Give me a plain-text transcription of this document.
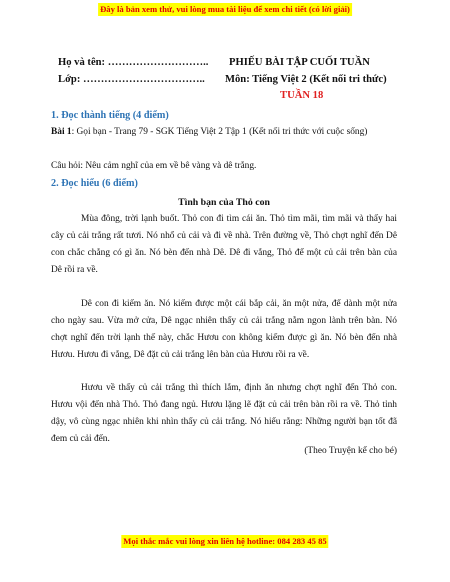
Đây là bản xem thử, vui lòng mua tài liệu để xem chi tiết (có lời giải)
Họ và tên: ……………………….. PHIẾU BÀI TẬP CUỐI TUẦN
Lớp: …………………………….. Môn: Tiếng Việt 2 (Kết nối tri thức)
TUẦN 18
1. Đọc thành tiếng (4 điểm)
Bài 1: Gọi bạn - Trang 79 - SGK Tiếng Việt 2 Tập 1 (Kết nối tri thức với cuộc sống)
Câu hỏi: Nêu cảm nghĩ của em về bê vàng và dê trắng.
2. Đọc hiểu (6 điểm)
Tình bạn của Thỏ con
Mùa đông, trời lạnh buốt. Thỏ con đi tìm cái ăn. Thỏ tìm mãi, tìm mãi và thấy hai cây củ cải trắng rất tươi. Nó nhổ củ cải và đi về nhà. Trên đường về, Thỏ chợt nghĩ đến Dê con chắc chẳng có gì ăn. Nó bèn đến nhà Dê. Dê đi vắng, Thỏ để một củ cải trên bàn của Dê rồi ra về.
Dê con đi kiếm ăn. Nó kiếm được một cái bắp cải, ăn một nửa, để dành một nửa cho ngày sau. Vừa mở cửa, Dê ngạc nhiên thấy củ cải trắng nằm ngon lành trên bàn. Nó chợt nghĩ đến trời lạnh thế này, chắc Hươu con không kiếm được gì ăn. Nó bèn đến nhà Hươu. Hươu đi vắng, Dê đặt củ cải trắng lên bàn của Hươu rồi ra về.
Hươu về thấy củ cải trắng thì thích lắm, định ăn nhưng chợt nghĩ đến Thỏ con. Hươu vội đến nhà Thỏ. Thỏ đang ngủ. Hươu lặng lẽ đặt củ cải trên bàn rồi ra về. Thỏ tỉnh dậy, vô cùng ngạc nhiên khi nhìn thấy củ cải trắng. Nó hiểu rằng: Những người bạn tốt đã đem củ cải đến.
(Theo Truyện kể cho bé)
Mọi thắc mắc vui lòng xin liên hệ hotline: 084 283 45 85
